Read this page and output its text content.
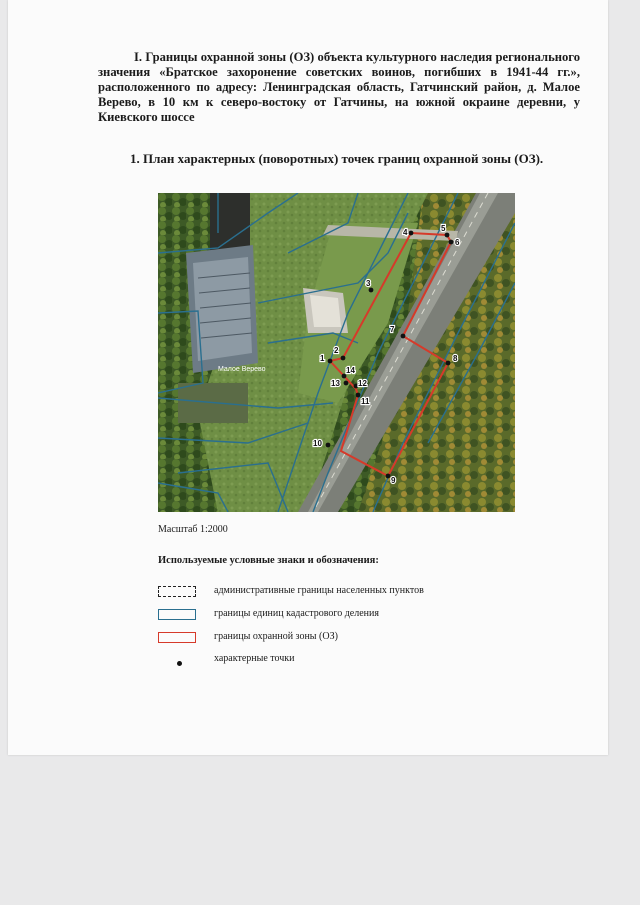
I. Границы охранной зоны (ОЗ) объекта культурного наследия регионального значения «Братское захоронение советских воинов, погибших в 1941-44 гг.», расположенного по адресу: Ленинградская область, Гатчинский район, д. Малое Верево, в 10 км к северо-востоку от Гатчины, на южной окраине деревни, у Киевского шоссе
1. План характерных (поворотных) точек границ охранной зоны (ОЗ).
1
2
3
4	5
6
7
8
9
10
11
12
13
14
Малое Верево
Масштаб 1:2000
Используемые условные знаки и обозначения:
административные границы населенных пунктов
границы единиц кадастрового деления
границы охранной зоны (ОЗ)
характерные точки
